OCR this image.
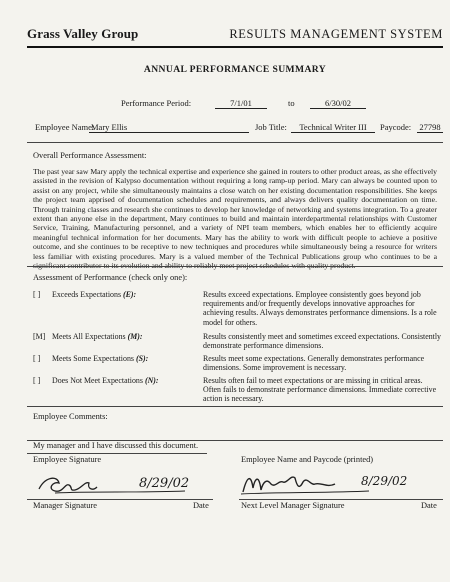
Grass Valley Group	RESULTS MANAGEMENT SYSTEM
ANNUAL PERFORMANCE SUMMARY
Performance Period:	7/1/01	to	6/30/02
Employee Name:
Mary Ellis	Job Title:	Technical Writer III	Paycode: 27798
Overall Performance Assessment:
The past year saw Mary apply the technical expertise and experience she gained in routers to other product areas, as she effectively assisted in the revision of Kalypso documentation without requiring a long ramp-up period. Mary can always be counted upon to assist on any project, while she simultaneously maintains a close watch on her existing documentation responsibilities. She keeps the project team apprised of documentation schedules and requirements, and always delivers quality documentation on time. Through training classes and research she continues to develop her knowledge of networking and systems integration. To a greater extent than anyone else in the department, Mary continues to build and maintain interdepartmental relationships with Customer Service, Training, Manufacturing personnel, and a variety of NPI team members, which enables her to efficiently acquire meaningful technical information for her documents. Mary has the ability to work with difficult people to achieve a positive outcome, and she continues to be receptive to new techniques and procedures while simultaneously being a resource for writers less familiar with existing procedures. Mary is a valued member of the Technical Publications group who continues to be a significant contributor to its evolution and ability to reliably meet project schedules with quality product.
Assessment of Performance (check only one):
[ ] Exceeds Expectations (E):	Results exceed expectations. Employee consistently goes beyond job requirements and/or frequently develops innovative approaches for achieving results. Always demonstrates performance dimensions. Is a role model for others.
[M] Meets All Expectations (M):	Results consistently meet and sometimes exceed expectations. Consistently demonstrate performance dimensions.
[ ] Meets Some Expectations (S):	Results meet some expectations. Generally demonstrates performance dimensions. Some improvement is necessary.
[ ] Does Not Meet Expectations (N):	Results often fail to meet expectations or are missing in critical areas. Often fails to demonstrate performance dimensions. Immediate corrective action is necessary.
Employee Comments:
My manager and I have discussed this document.
Employee Signature	Employee Name and Paycode (printed)
8/29/02	8/29/02
Manager Signature	Date	Next Level Manager Signature	Date
